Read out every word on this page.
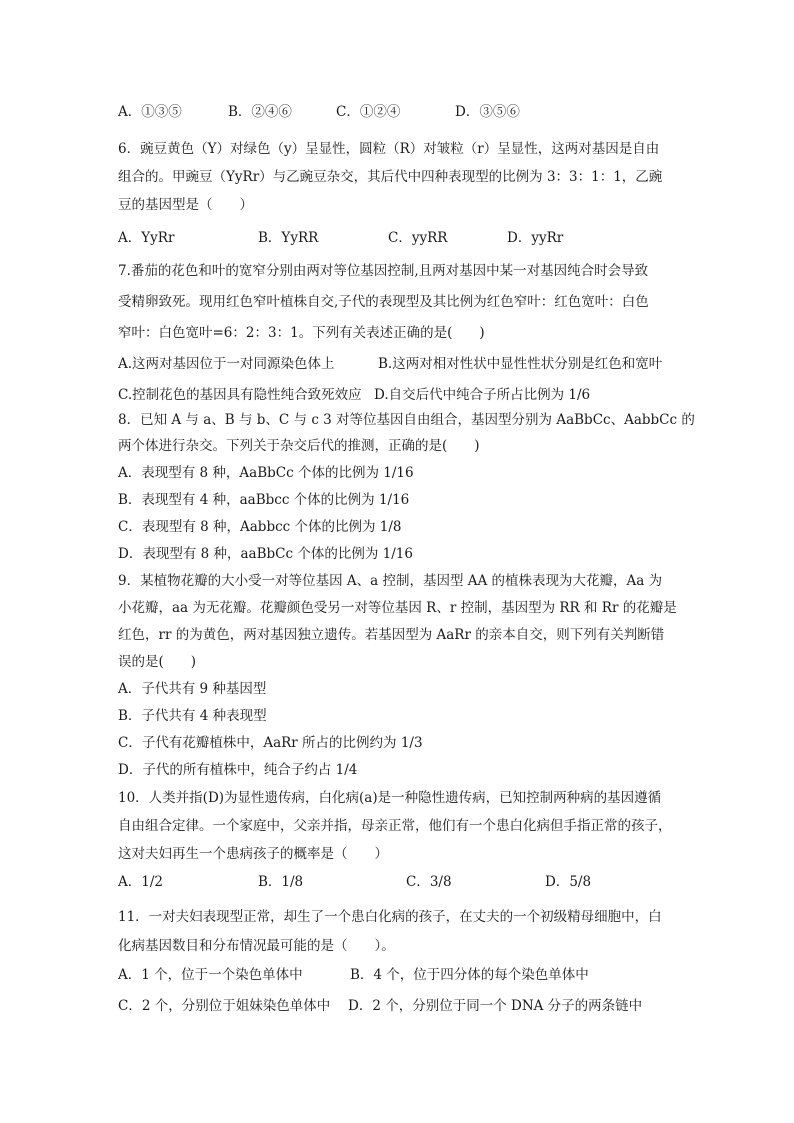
A．①③⑤	B．②④⑥	C．①②④	D．③⑤⑥
6．豌豆黄色（Y）对绿色（y）呈显性，圆粒（R）对皱粒（r）呈显性，这两对基因是自由
组合的。甲豌豆（YyRr）与乙豌豆杂交，其后代中四种表现型的比例为 3：3：1：1，乙豌
豆的基因型是（　　）
A．YyRr	B．YyRR	C．yyRR	D．yyRr
7.番茄的花色和叶的宽窄分别由两对等位基因控制,且两对基因中某一对基因纯合时会导致
受精卵致死。现用红色窄叶植株自交,子代的表现型及其比例为红色窄叶：红色宽叶：白色
窄叶：白色宽叶=6：2：3：1。下列有关表述正确的是(　　)
A.这两对基因位于一对同源染色体上	B.这两对相对性状中显性性状分别是红色和宽叶
C.控制花色的基因具有隐性纯合致死效应 D.自交后代中纯合子所占比例为 1/6
8．已知 A 与 a、B 与 b、C 与 c 3 对等位基因自由组合，基因型分别为 AaBbCc、AabbCc 的
两个体进行杂交。下列关于杂交后代的推测，正确的是(　　)
A．表现型有 8 种，AaBbCc 个体的比例为 1/16
B．表现型有 4 种，aaBbcc 个体的比例为 1/16
C．表现型有 8 种，Aabbcc 个体的比例为 1/8
D．表现型有 8 种，aaBbCc 个体的比例为 1/16
9．某植物花瓣的大小受一对等位基因 A、a 控制，基因型 AA 的植株表现为大花瓣，Aa 为
小花瓣，aa 为无花瓣。花瓣颜色受另一对等位基因 R、r 控制，基因型为 RR 和 Rr 的花瓣是
红色，rr 的为黄色，两对基因独立遗传。若基因型为 AaRr 的亲本自交，则下列有关判断错
误的是(　　)
A．子代共有 9 种基因型
B．子代共有 4 种表现型
C．子代有花瓣植株中，AaRr 所占的比例约为 1/3
D．子代的所有植株中，纯合子约占 1/4
10．人类并指(D)为显性遗传病，白化病(a)是一种隐性遗传病，已知控制两种病的基因遵循
自由组合定律。一个家庭中，父亲并指，母亲正常，他们有一个患白化病但手指正常的孩子，
这对夫妇再生一个患病孩子的概率是（　　）
A．1/2	B．1/8	C．3/8	D．5/8
11．一对夫妇表现型正常，却生了一个患白化病的孩子，在丈夫的一个初级精母细胞中，白
化病基因数目和分布情况最可能的是（　　）。
A．1 个，位于一个染色单体中	B．4 个，位于四分体的每个染色单体中
C．2 个，分别位于姐妹染色单体中 D．2 个，分别位于同一个 DNA 分子的两条链中
